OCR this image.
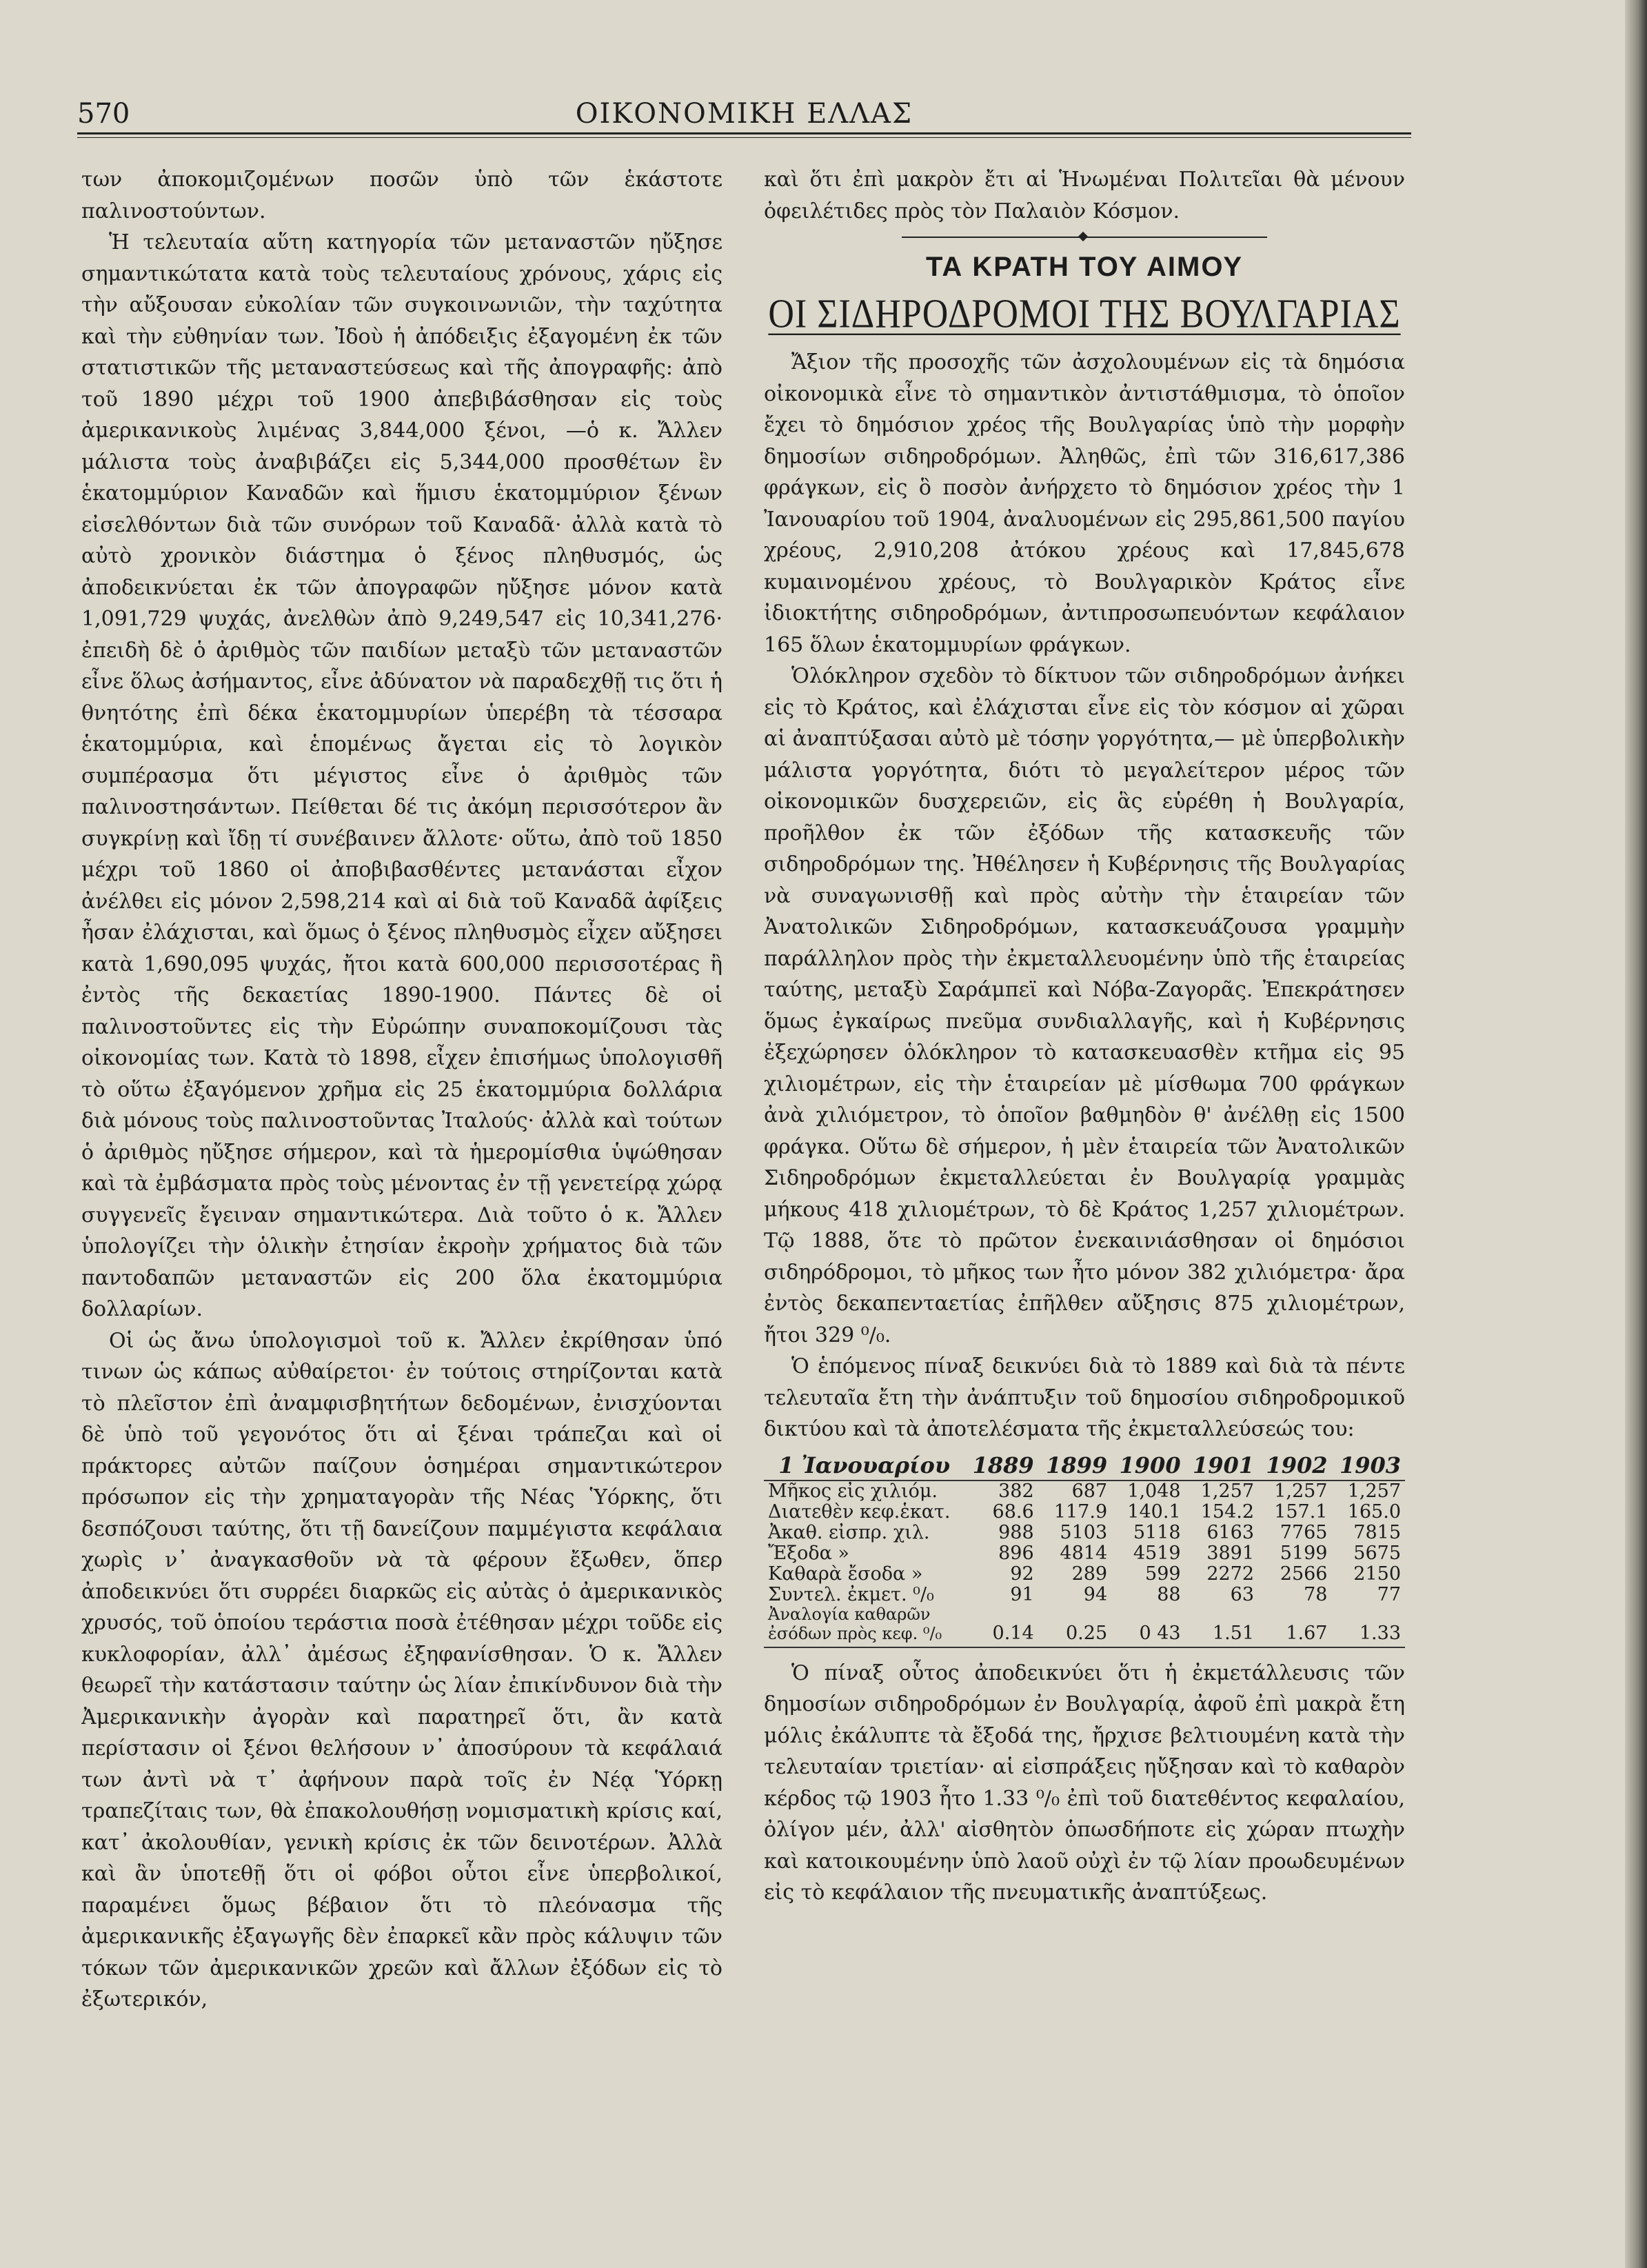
570	ΟΙΚΟΝΟΜΙΚΗ ΕΛΛΑΣ

των ἀποκομιζομένων ποσῶν ὑπὸ τῶν ἑκάστοτε παλινοστούντων.

Ἡ τελευταία αὕτη κατηγορία τῶν μεταναστῶν ηὔξησε σημαντικώτατα κατὰ τοὺς τελευταίους χρόνους, χάρις εἰς τὴν αὔξουσαν εὐκολίαν τῶν συγκοινωνιῶν, τὴν ταχύτητα καὶ τὴν εὐθηνίαν των. Ἰδοὺ ἡ ἀπόδειξις ἐξαγομένη ἐκ τῶν στατιστικῶν τῆς μεταναστεύσεως καὶ τῆς ἀπογραφῆς: ἀπὸ τοῦ 1890 μέχρι τοῦ 1900 ἀπεβιβάσθησαν εἰς τοὺς ἀμερικανικοὺς λιμένας 3,844,000 ξένοι, —ὁ κ. Ἄλλεν μάλιστα τοὺς ἀναβιβάζει εἰς 5,344,000 προσθέτων ἓν ἑκατομμύριον Καναδῶν καὶ ἥμισυ ἑκατομμύριον ξένων εἰσελθόντων διὰ τῶν συνόρων τοῦ Καναδᾶ· ἀλλὰ κατὰ τὸ αὐτὸ χρονικὸν διάστημα ὁ ξένος πληθυσμός, ὡς ἀποδεικνύεται ἐκ τῶν ἀπογραφῶν ηὔξησε μόνον κατὰ 1,091,729 ψυχάς, ἀνελθὼν ἀπὸ 9,249,547 εἰς 10,341,276· ἐπειδὴ δὲ ὁ ἀριθμὸς τῶν παιδίων μεταξὺ τῶν μεταναστῶν εἶνε ὅλως ἀσήμαντος, εἶνε ἀδύνατον νὰ παραδεχθῇ τις ὅτι ἡ θνητότης ἐπὶ δέκα ἑκατομμυρίων ὑπερέβη τὰ τέσσαρα ἑκατομμύρια, καὶ ἑπομένως ἄγεται εἰς τὸ λογικὸν συμπέρασμα ὅτι μέγιστος εἶνε ὁ ἀριθμὸς τῶν παλινοστησάντων. Πείθεται δέ τις ἀκόμη περισσότερον ἂν συγκρίνῃ καὶ ἴδῃ τί συνέβαινεν ἄλλοτε· οὕτω, ἀπὸ τοῦ 1850 μέχρι τοῦ 1860 οἱ ἀποβιβασθέντες μετανάσται εἶχον ἀνέλθει εἰς μόνον 2,598,214 καὶ αἱ διὰ τοῦ Καναδᾶ ἀφίξεις ἦσαν ἐλάχισται, καὶ ὅμως ὁ ξένος πληθυσμὸς εἶχεν αὔξησει κατὰ 1,690,095 ψυχάς, ἤτοι κατὰ 600,000 περισσοτέρας ἢ ἐντὸς τῆς δεκαετίας 1890-1900. Πάντες δὲ οἱ παλινοστοῦντες εἰς τὴν Εὐρώπην συναποκομίζουσι τὰς οἰκονομίας των. Κατὰ τὸ 1898, εἶχεν ἐπισήμως ὑπολογισθῆ τὸ οὕτω ἐξαγόμενον χρῆμα εἰς 25 ἑκατομμύρια δολλάρια διὰ μόνους τοὺς παλινοστοῦντας Ἰταλούς· ἀλλὰ καὶ τούτων ὁ ἀριθμὸς ηὔξησε σήμερον, καὶ τὰ ἡμερομίσθια ὑψώθησαν καὶ τὰ ἐμβάσματα πρὸς τοὺς μένοντας ἐν τῇ γενετείρᾳ χώρᾳ συγγενεῖς ἔγειναν σημαντικώτερα. Διὰ τοῦτο ὁ κ. Ἄλλεν ὑπολογίζει τὴν ὁλικὴν ἐτησίαν ἐκροὴν χρήματος διὰ τῶν παντοδαπῶν μεταναστῶν εἰς 200 ὅλα ἑκατομμύρια δολλαρίων.

Οἱ ὡς ἄνω ὑπολογισμοὶ τοῦ κ. Ἄλλεν ἐκρίθησαν ὑπό τινων ὡς κάπως αὐθαίρετοι· ἐν τούτοις στηρίζονται κατὰ τὸ πλεῖστον ἐπὶ ἀναμφισβητήτων δεδομένων, ἐνισχύονται δὲ ὑπὸ τοῦ γεγονότος ὅτι αἱ ξέναι τράπεζαι καὶ οἱ πράκτορες αὐτῶν παίζουν ὁσημέραι σημαντικώτερον πρόσωπον εἰς τὴν χρηματαγορὰν τῆς Νέας Ὑόρκης, ὅτι δεσπόζουσι ταύτης, ὅτι τῇ δανείζουν παμμέγιστα κεφάλαια χωρὶς ν᾽ ἀναγκασθοῦν νὰ τὰ φέρουν ἔξωθεν, ὅπερ ἀποδεικνύει ὅτι συρρέει διαρκῶς εἰς αὐτὰς ὁ ἀμερικανικὸς χρυσός, τοῦ ὁποίου τεράστια ποσὰ ἐτέθησαν μέχρι τοῦδε εἰς κυκλοφορίαν, ἀλλ᾽ ἀμέσως ἐξηφανίσθησαν. Ὁ κ. Ἄλλεν θεωρεῖ τὴν κατάστασιν ταύτην ὡς λίαν ἐπικίνδυνον διὰ τὴν Ἀμερικανικὴν ἀγορὰν καὶ παρατηρεῖ ὅτι, ἂν κατὰ περίστασιν οἱ ξένοι θελήσουν ν᾽ ἀποσύρουν τὰ κεφάλαιά των ἀντὶ νὰ τ᾽ ἀφήνουν παρὰ τοῖς ἐν Νέᾳ Ὑόρκῃ τραπεζίταις των, θὰ ἐπακολουθήσῃ νομισματικὴ κρίσις καί, κατ᾽ ἀκολουθίαν, γενικὴ κρίσις ἐκ τῶν δεινοτέρων. Ἀλλὰ καὶ ἂν ὑποτεθῇ ὅτι οἱ φόβοι οὗτοι εἶνε ὑπερβολικοί, παραμένει ὅμως βέβαιον ὅτι τὸ πλεόνασμα τῆς ἀμερικανικῆς ἐξαγωγῆς δὲν ἐπαρκεῖ κἂν πρὸς κάλυψιν τῶν τόκων τῶν ἀμερικανικῶν χρεῶν καὶ ἄλλων ἐξόδων εἰς τὸ ἐξωτερικόν,

καὶ ὅτι ἐπὶ μακρὸν ἔτι αἱ Ἡνωμέναι Πολιτεῖαι θὰ μένουν ὀφειλέτιδες πρὸς τὸν Παλαιὸν Κόσμον.

ΤΑ ΚΡΑΤΗ ΤΟΥ ΑΙΜΟΥ
ΟΙ ΣΙΔΗΡΟΔΡΟΜΟΙ ΤΗΣ ΒΟΥΛΓΑΡΙΑΣ

Ἄξιον τῆς προσοχῆς τῶν ἀσχολουμένων εἰς τὰ δημόσια οἰκονομικὰ εἶνε τὸ σημαντικὸν ἀντιστάθμισμα, τὸ ὁποῖον ἔχει τὸ δημόσιον χρέος τῆς Βουλγαρίας ὑπὸ τὴν μορφὴν δημοσίων σιδηροδρόμων. Ἀληθῶς, ἐπὶ τῶν 316,617,386 φράγκων, εἰς ὃ ποσὸν ἀνήρχετο τὸ δημόσιον χρέος τὴν 1 Ἰανουαρίου τοῦ 1904, ἀναλυομένων εἰς 295,861,500 παγίου χρέους, 2,910,208 ἀτόκου χρέους καὶ 17,845,678 κυμαινομένου χρέους, τὸ Βουλγαρικὸν Κράτος εἶνε ἰδιοκτήτης σιδηροδρόμων, ἀντιπροσωπευόντων κεφάλαιον 165 ὅλων ἑκατομμυρίων φράγκων.

Ὁλόκληρον σχεδὸν τὸ δίκτυον τῶν σιδηροδρόμων ἀνήκει εἰς τὸ Κράτος, καὶ ἐλάχισται εἶνε εἰς τὸν κόσμον αἱ χῶραι αἱ ἀναπτύξασαι αὐτὸ μὲ τόσην γοργότητα,— μὲ ὑπερβολικὴν μάλιστα γοργότητα, διότι τὸ μεγαλείτερον μέρος τῶν οἰκονομικῶν δυσχερειῶν, εἰς ἃς εὑρέθη ἡ Βουλγαρία, προῆλθον ἐκ τῶν ἐξόδων τῆς κατασκευῆς τῶν σιδηροδρόμων της. Ἠθέλησεν ἡ Κυβέρνησις τῆς Βουλγαρίας νὰ συναγωνισθῇ καὶ πρὸς αὐτὴν τὴν ἑταιρείαν τῶν Ἀνατολικῶν Σιδηροδρόμων, κατασκευάζουσα γραμμὴν παράλληλον πρὸς τὴν ἐκμεταλλευομένην ὑπὸ τῆς ἑταιρείας ταύτης, μεταξὺ Σαράμπεϊ καὶ Νόβα-Ζαγορᾶς. Ἐπεκράτησεν ὅμως ἐγκαίρως πνεῦμα συνδιαλλαγῆς, καὶ ἡ Κυβέρνησις ἐξεχώρησεν ὁλόκληρον τὸ κατασκευασθὲν κτῆμα εἰς 95 χιλιομέτρων, εἰς τὴν ἑταιρείαν μὲ μίσθωμα 700 φράγκων ἀνὰ χιλιόμετρον, τὸ ὁποῖον βαθμηδὸν θ' ἀνέλθῃ εἰς 1500 φράγκα. Οὕτω δὲ σήμερον, ἡ μὲν ἑταιρεία τῶν Ἀνατολικῶν Σιδηροδρόμων ἐκμεταλλεύεται ἐν Βουλγαρίᾳ γραμμὰς μήκους 418 χιλιομέτρων, τὸ δὲ Κράτος 1,257 χιλιομέτρων. Τῷ 1888, ὅτε τὸ πρῶτον ἐνεκαινιάσθησαν οἱ δημόσιοι σιδηρόδρομοι, τὸ μῆκος των ἦτο μόνον 382 χιλιόμετρα· ἄρα ἐντὸς δεκαπενταετίας ἐπῆλθεν αὔξησις 875 χιλιομέτρων, ἤτοι 329 ⁰/₀.

Ὁ ἑπόμενος πίναξ δεικνύει διὰ τὸ 1889 καὶ διὰ τὰ πέντε τελευταῖα ἔτη τὴν ἀνάπτυξιν τοῦ δημοσίου σιδηροδρομικοῦ δικτύου καὶ τὰ ἀποτελέσματα τῆς ἐκμεταλλεύσεώς του:

1 Ἰανουαρίου	1889	1899	1900	1901	1902	1903
Μῆκος εἰς χιλιόμ.	382	687	1,048	1,257	1,257	1,257
Διατεθὲν κεφ.ἑκατ.	68.6	117.9	140.1	154.2	157.1	165.0
Ἀκαθ. εἰσπρ. χιλ.	988	5103	5118	6163	7765	7815
Ἔξοδα »	896	4814	4519	3891	5199	5675
Καθαρὰ ἔσοδα »	92	289	599	2272	2566	2150
Συντελ. ἐκμετ. ⁰/₀	91	94	88	63	78	77
Ἀναλογία καθαρῶν						
ἐσόδων πρὸς κεφ. ⁰/₀	0.14	0.25	0 43	1.51	1.67	1.33

Ὁ πίναξ οὗτος ἀποδεικνύει ὅτι ἡ ἐκμετάλλευσις τῶν δημοσίων σιδηροδρόμων ἐν Βουλγαρίᾳ, ἀφοῦ ἐπὶ μακρὰ ἔτη μόλις ἐκάλυπτε τὰ ἔξοδά της, ἤρχισε βελτιουμένη κατὰ τὴν τελευταίαν τριετίαν· αἱ εἰσπράξεις ηὔξησαν καὶ τὸ καθαρὸν κέρδος τῷ 1903 ἦτο 1.33 ⁰/₀ ἐπὶ τοῦ διατεθέντος κεφαλαίου, ὀλίγον μέν, ἀλλ' αἰσθητὸν ὁπωσδήποτε εἰς χώραν πτωχὴν καὶ κατοικουμένην ὑπὸ λαοῦ οὐχὶ ἐν τῷ λίαν προωδευμένων εἰς τὸ κεφάλαιον τῆς πνευματικῆς ἀναπτύξεως.
